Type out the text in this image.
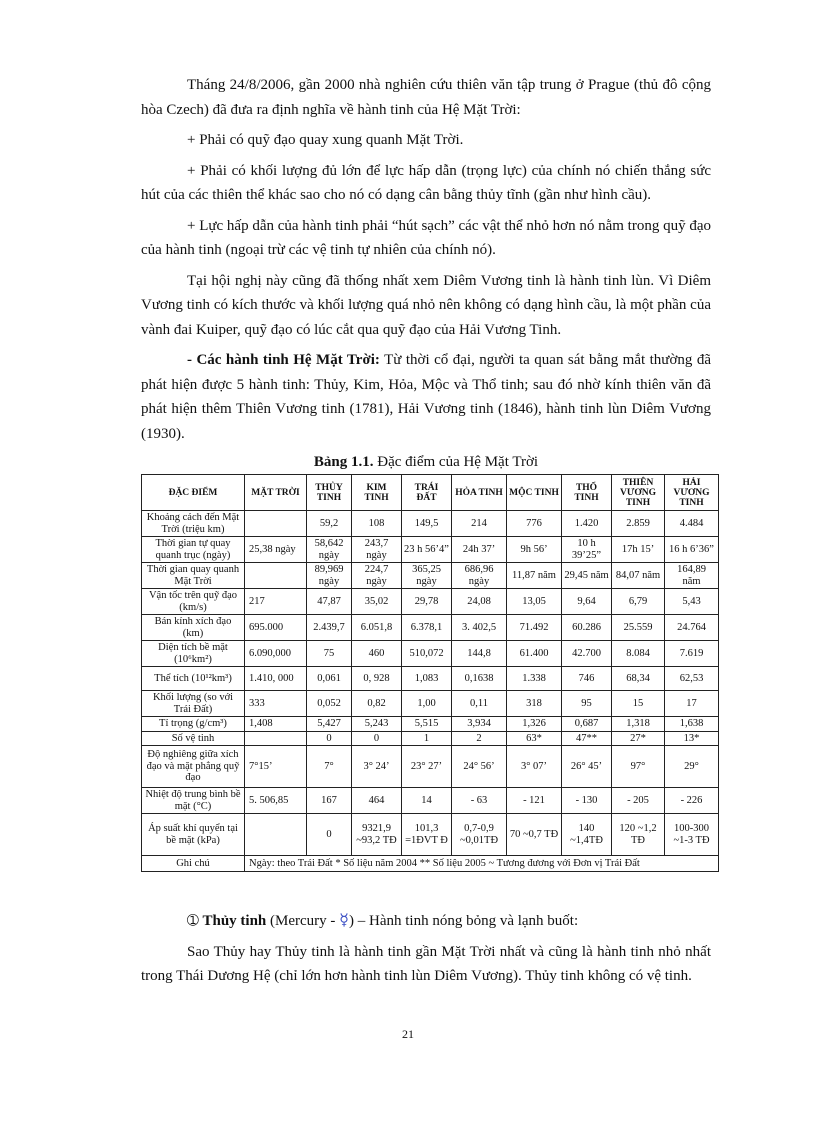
Tháng 24/8/2006, gần 2000 nhà nghiên cứu thiên văn tập trung ở Prague (thủ đô cộng hòa Czech) đã đưa ra định nghĩa về hành tinh của Hệ Mặt Trời:

+ Phải có quỹ đạo quay xung quanh Mặt Trời.

+ Phải có khối lượng đủ lớn để lực hấp dẫn (trọng lực) của chính nó chiến thắng sức hút của các thiên thể khác sao cho nó có dạng cân bằng thủy tĩnh (gần như hình cầu).

+ Lực hấp dẫn của hành tinh phải “hút sạch” các vật thể nhỏ hơn nó nằm trong quỹ đạo của hành tinh (ngoại trừ các vệ tinh tự nhiên của chính nó).

Tại hội nghị này cũng đã thống nhất xem Diêm Vương tinh là hành tinh lùn. Vì Diêm Vương tinh có kích thước và khối lượng quá nhỏ nên không có dạng hình cầu, là một phần của vành đai Kuiper, quỹ đạo có lúc cắt qua quỹ đạo của Hải Vương Tinh.

- Các hành tinh Hệ Mặt Trời: Từ thời cổ đại, người ta quan sát bằng mắt thường đã phát hiện được 5 hành tinh: Thủy, Kim, Hỏa, Mộc và Thổ tinh; sau đó nhờ kính thiên văn đã phát hiện thêm Thiên Vương tinh (1781), Hải Vương tinh (1846), hành tinh lùn Diêm Vương (1930).

Bảng 1.1. Đặc điểm của Hệ Mặt Trời
ĐẶC ĐIỂM	MẶT TRỜI	THỦY TINH	KIM TINH	TRÁI ĐẤT	HỎA TINH	MỘC TINH	THỔ TINH	THIÊN VƯƠNG TINH	HẢI VƯƠNG TINH
Khoảng cách đến Mặt Trời (triệu km)		59,2	108	149,5	214	776	1.420	2.859	4.484
Thời gian tự quay quanh trục (ngày)	25,38 ngày	58,642 ngày	243,7 ngày	23 h 56’4”	24h 37’	9h 56’	10 h 39’25”	17h 15’	16 h 6’36”
Thời gian quay quanh Mặt Trời		89,969 ngày	224,7 ngày	365,25 ngày	686,96 ngày	11,87 năm	29,45 năm	84,07 năm	164,89 năm
Vận tốc trên quỹ đạo (km/s)	217	47,87	35,02	29,78	24,08	13,05	9,64	6,79	5,43
Bán kính xích đạo (km)	695.000	2.439,7	6.051,8	6.378,1	3. 402,5	71.492	60.286	25.559	24.764
Diện tích bề mặt (10⁶km²)	6.090,000	75	460	510,072	144,8	61.400	42.700	8.084	7.619
Thể tích (10¹²km³)	1.410, 000	0,061	0, 928	1,083	0,1638	1.338	746	68,34	62,53
Khối lượng (so với Trái Đất)	333	0,052	0,82	1,00	0,11	318	95	15	17
Tỉ trọng (g/cm³)	1,408	5,427	5,243	5,515	3,934	1,326	0,687	1,318	1,638
Số vệ tinh		0	0	1	2	63*	47**	27*	13*
Độ nghiêng giữa xích đạo và mặt phẳng quỹ đạo	7°15’	7°	3° 24’	23° 27’	24° 56’	3° 07’	26° 45’	97°	29°
Nhiệt độ trung bình bề mặt (°C)	5. 506,85	167	464	14	- 63	- 121	- 130	- 205	- 226
Áp suất khí quyển tại bề mặt (kPa)		0	9321,9 ~93,2 TĐ	101,3 =1ĐVT Đ	0,7-0,9 ~0,01TĐ	70 ~0,7 TĐ	140 ~1,4TĐ	120 ~1,2 TĐ	100-300 ~1-3 TĐ
Ghi chú	Ngày: theo Trái Đất * Số liệu năm 2004 ** Số liệu 2005 ~ Tương đương với Đơn vị Trái Đất								

➀ Thủy tinh (Mercury - ☿) – Hành tinh nóng bỏng và lạnh buốt:

Sao Thủy hay Thủy tinh là hành tinh gần Mặt Trời nhất và cũng là hành tinh nhỏ nhất trong Thái Dương Hệ (chỉ lớn hơn hành tinh lùn Diêm Vương). Thủy tinh không có vệ tinh.

21
